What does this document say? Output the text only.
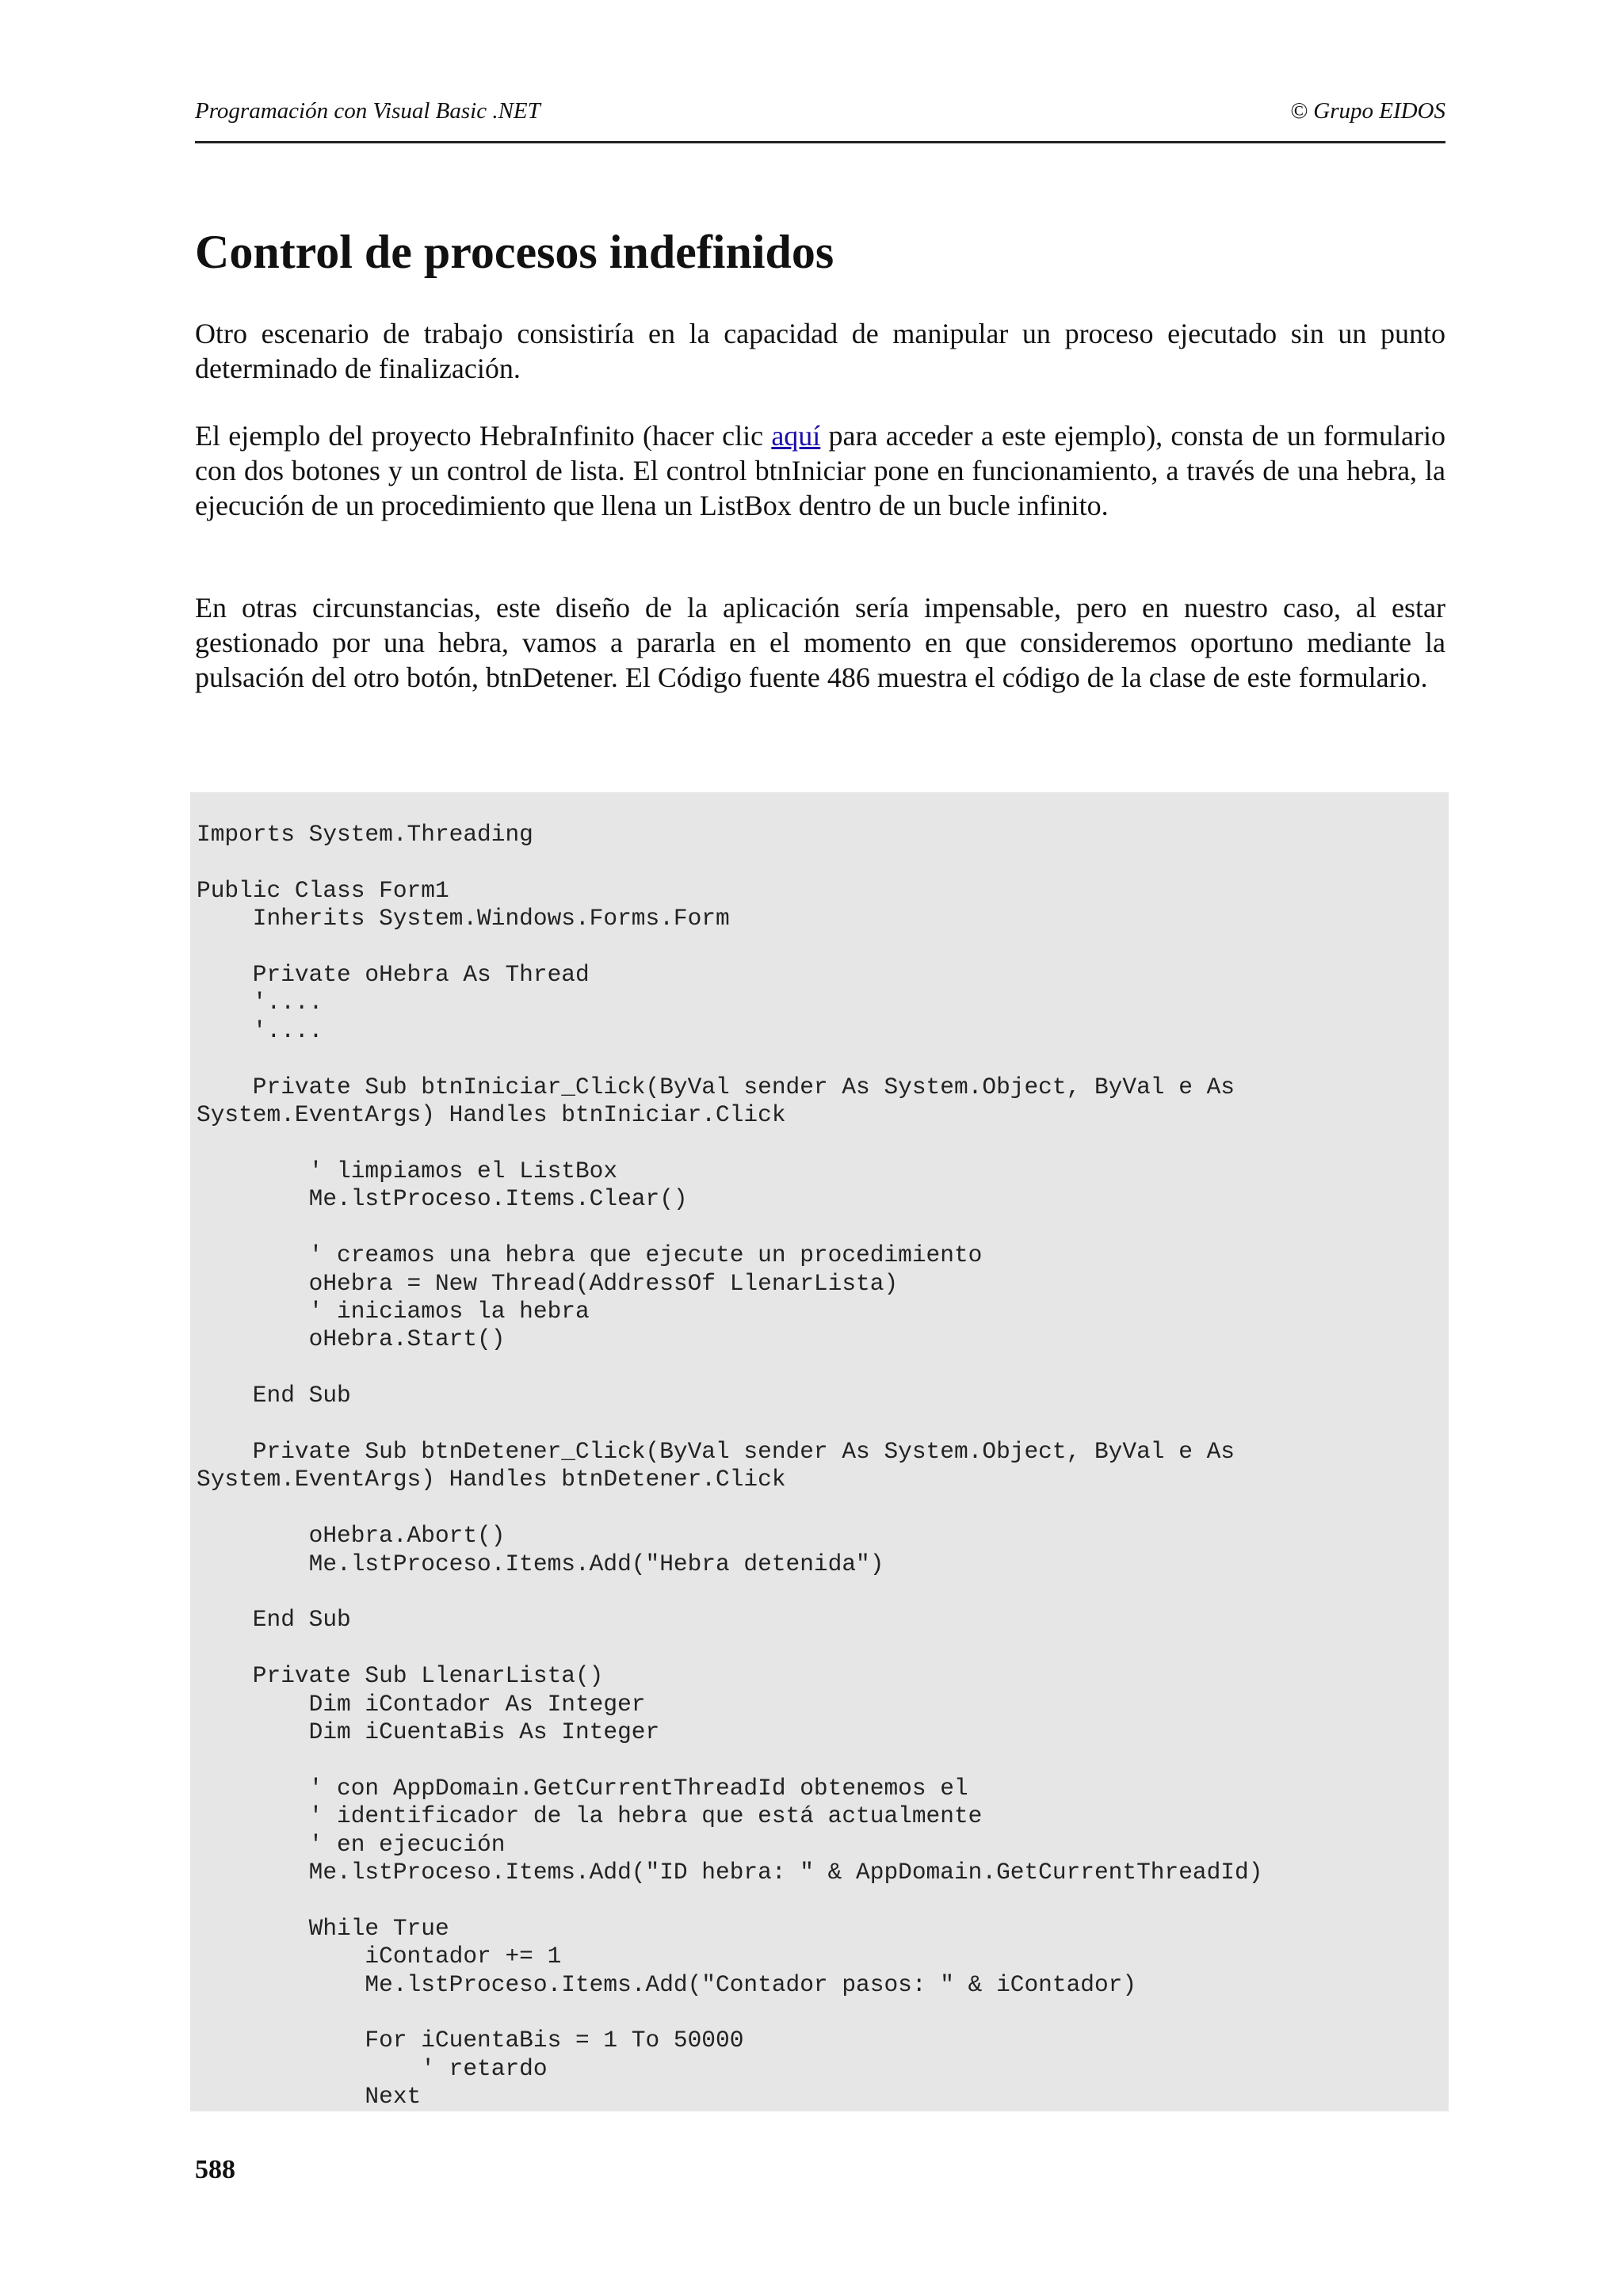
Programación con Visual Basic .NET	© Grupo EIDOS
Control de procesos indefinidos

Otro escenario de trabajo consistiría en la capacidad de manipular un proceso ejecutado sin un punto determinado de finalización.

El ejemplo del proyecto HebraInfinito (hacer clic aquí para acceder a este ejemplo), consta de un formulario con dos botones y un control de lista. El control btnIniciar pone en funcionamiento, a través de una hebra, la ejecución de un procedimiento que llena un ListBox dentro de un bucle infinito.

En otras circunstancias, este diseño de la aplicación sería impensable, pero en nuestro caso, al estar gestionado por una hebra, vamos a pararla en el momento en que consideremos oportuno mediante la pulsación del otro botón, btnDetener. El Código fuente 486 muestra el código de la clase de este formulario.

Imports System.Threading

Public Class Form1
Inherits System.Windows.Forms.Form

Private oHebra As Thread
'....
'....

Private Sub btnIniciar_Click(ByVal sender As System.Object, ByVal e As
System.EventArgs) Handles btnIniciar.Click

' limpiamos el ListBox
Me.lstProceso.Items.Clear()

' creamos una hebra que ejecute un procedimiento
oHebra = New Thread(AddressOf LlenarLista)
' iniciamos la hebra
oHebra.Start()

End Sub

Private Sub btnDetener_Click(ByVal sender As System.Object, ByVal e As
System.EventArgs) Handles btnDetener.Click

oHebra.Abort()
Me.lstProceso.Items.Add("Hebra detenida")

End Sub

Private Sub LlenarLista()
Dim iContador As Integer
Dim iCuentaBis As Integer

' con AppDomain.GetCurrentThreadId obtenemos el
' identificador de la hebra que está actualmente
' en ejecución
Me.lstProceso.Items.Add("ID hebra: " & AppDomain.GetCurrentThreadId)

While True
iContador += 1
Me.lstProceso.Items.Add("Contador pasos: " & iContador)

For iCuentaBis = 1 To 50000
' retardo
Next
588
